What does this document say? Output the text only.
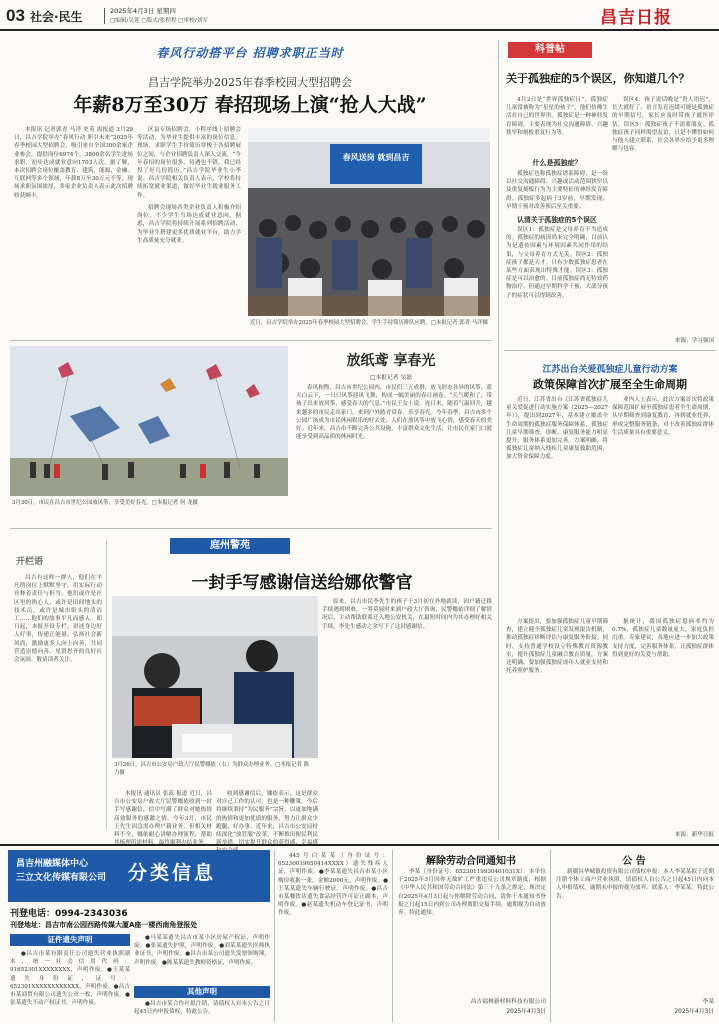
03 社会·民生	2025年4月3日 星期四
□编辑/吴莲 □版式/张程程 □审校/刘军	昌吉日报
春风行动搭平台 招聘求职正当时
昌吉学院举办2025年春季校园大型招聘会
年薪8万至30万 春招现场上演“抢人大战”

本报讯 记者郭青 马洋 史英 霞报道 3月29日，昌吉学院举办“春风行动 职引未来”2025年春季校园大型招聘会，吸引来自全国300余家企业参会，提供岗位6974个，3800余名学生进场求职，初步达成就业意向1703人次。据了解，本次招聘会岗位覆盖教育、建筑、能源、金融、互联网等多个领域，年薪8万至30万元不等，现场求职氛围浓厚，多家企业负责人表示此次招聘收获颇丰。

区县专场招聘会、小程序线上招聘会等活动，为毕业生提供丰富的岗位信息。现场，求职学生手持简历穿梭于各招聘展位之间，与企业招聘负责人深入交流。“今年春招的岗位很多，待遇也不错，我已经投了好几份简历。”昌吉学院毕业生小李说。昌吉学院相关负责人表示，学校将持续拓宽就业渠道，做好毕业生就业服务工作。

招聘会现场各类企业负责人积极介绍岗位，不少学生当场达成就业意向。据悉，昌吉学院将持续开展系列招聘活动，为毕业生搭建更多优质就业平台，助力学生高质量充分就业。

春风送岗 就到昌吉
近日，昌吉学院举办2025年春季校园大型招聘会，学生手持简历排队应聘。□本报记者 郭青·马洋摄
3月30日，市民在昌吉市世纪公园放风筝，享受美好春光。□本报记者 何 龙摄
放纸鸢 享春光
□本报记者 吴磊

春风和煦，昌吉市世纪公园内，市民们三五成群，放飞形态各异的风筝。蓝天白云下，一只只风筝迎风飞舞，构成一幅美丽的春日画卷。“天气暖和了，带孩子出来放风筝，感受春天的气息。”市民王女士说。连日来，随着气温回升，越来越多的市民走出家门，来到户外踏青赏春，乐享春光。今年春季，昌吉市多个公园广场成为市民休闲娱乐的好去处，人们在放风筝中放飞心情，感受春天的美好。近年来，昌吉市不断完善公共设施，丰富群众文化生活，让市民在家门口就能享受到高品质的休闲时光。

开栏语

昌吉有这样一群人，他们在平凡的岗位上默默坚守，用实际行动诠释着责任与担当。他们或许是社区里的热心人，或许是田间地头的技术员，或许是城市街头的清洁工……他们的故事平凡而感人。即日起，本报开设专栏，讲述身边好人好事，传递正能量，弘扬社会新风尚，激励更多人向上向善，共同营造崇德向善、见贤思齐的良好社会氛围。敬请读者关注。

庭州警苑
一封手写感谢信送给娜依警官
3月26日，昌吉市公安局户政大厅民警娜依（右）为群众办理业务。□本报记者 陈 力摄

本报讯 通讯员 张蕊 报道 近日，昌吉市公安局户政大厅民警娜依收到一封手写感谢信，信中写满了群众对她热情高效服务的感激之情。今年3月，市民王先生因急需办理户籍业务，但相关材料不全，娜依耐心讲解办理流程，帮助

收到感谢信后，娜依表示，这是群众对自己工作的认可，也是一种鞭策。今后将继续秉持“为民服务”宗旨，以更加饱满的热情和更加优质的服务，努力让群众少跑腿、好办事。近年来，昌吉市公安局持续深化“放管服”改革，不断推出便民利民

原来，昌吉市民李先生的孩子于3月初在外地就读，因户籍迁移手续遇到困难，一筹莫展时来到户政大厅咨询，民警娜依详细了解情况后，主动帮助联系迁入地公安机关，在最短时间内为其办理好相关手续。李先生感动之余写下了这封感谢信。

科普帖
关于孤独症的5个误区，你知道几个？

4月2日是“世界孤独症日”。孤独症儿童常被称为“星星的孩子”，他们仿佛生活在自己的世界里。孤独症是一种神经发育障碍，主要表现为社交沟通障碍、兴趣狭窄和刻板重复行为等。

什么是孤独症？

孤独症也称孤独症谱系障碍，是一组以社交沟通障碍、兴趣或活动范围狭窄以及重复刻板行为为主要特征的神经发育障碍。孤独症多起病于3岁前，早期发现、早期干预对改善预后至关重要。

认清关于孤独症的5个误区

误区1：孤独症是父母养育不当造成的。孤独症的病因尚未完全明确，目前认为是遗传因素与环境因素共同作用的结果，与父母养育方式无关。误区2：孤独症孩子都是天才。只有少数孤独症患者在某些方面表现出特殊才能。误区3：孤独症是可以治愈的。目前孤独症尚无特效药物治疗，但通过早期科学干预，大部分孩子的症状可以得到改善。

误区4：孩子说话晚是“贵人语迟”，长大就好了。语言发育迟缓可能是孤独症的早期信号，家长应及时带孩子就医评估。误区5：孤独症孩子不需要朋友。孤独症孩子同样渴望友谊，只是不懂得如何与他人建立联系，社会各界应给予更多理解与包容。

来源：学习强国
江苏出台关爱孤独症儿童行动方案
政策保障首次扩展至全生命周期

近日，江苏省出台《江苏省孤独症儿童关爱促进行动实施方案（2025—2027年）》，提出到2027年，基本建立覆盖全生命周期的孤独症服务保障体系，孤独症儿童早期筛查、诊断、康复服务能力明显提升，服务体系更加完善。方案明确，将孤独症儿童纳入残疾儿童康复救助范围，加大资金保障力度。

方案提出，要加强孤独症儿童早期筛查，建立健全孤独症儿童发现报告机制，推动孤独症诊断评估与康复服务衔接。同时，支持普通学校设立特殊教育资源教室，提升孤独症儿童融合教育质量。方案还明确，要加强孤独症成年人就业支持和托养照护服务。

业内人士表示，此次方案首次将政策保障范围扩展至孤独症患者全生命周期，从早期筛查到康复教育，再到就业托养，形成完整服务链条，对于改善孤独症群体生活质量具有重要意义。

据统计，我国孤独症患病率约为0.7%，孤独症儿童数量庞大，家庭负担沉重。专家建议，各地应进一步加大政策支持力度，完善服务体系，让孤独症群体得到更好的关爱与帮助。

来源：新华日报
昌吉州融媒体中心
三立文化传媒有限公司 分类信息
刊登电话：0994-2343036
刊登地址：昌吉市南公园西路传媒大厦A座一楼西南角登报处
证件遗失声明

●昌吉市某有限责任公司遗失营业执照副本，统一社会信用代码：91652301XXXXXXXX，声明作废。●王某某遗失身份证，证号：652301XXXXXXXXXXXX，声明作废。●昌吉市某商贸有限公司遗失公章一枚，声明作废。●张某遗失不动产权证书，声明作废。

●马某某遗失昌吉市某小区房屋产权证，声明作废。●张某遗失护照，声明作废。●刘某某遗失医师执业证书，声明作废。●昌吉市某公司遗失发票领购簿，声明作废。●陈某某遗失教师资格证，声明作废。

其他声明

●昌吉市某合作社拟注销，请债权人自本公告之日起45日内申报债权。特此公告。

445号白某某（身份证号：65230019650414XXXX）遗失残疾人证，声明作废。●李某某遗失昌吉市某小区购房收据一张，金额2000元，声明作废。●王某某遗失车辆行驶证，声明作废。●昌吉市某餐饮店遗失食品经营许可证正副本，声明作废。●赵某遗失机动车登记证书，声明作废。

解除劳动合同通知书

李某（身份证号：65230119930401031X）：本单位于2025年3月因你无故旷工严重违反公司规章制度，根据《中华人民共和国劳动合同法》第三十九条之规定，现决定自2025年4月3日起与你解除劳动合同，请你于本通知书登报之日起15日内到公司办理离职交接手续，逾期视为自动放弃。特此通知。

昌吉福林新材料科技有限公司
2025年4月3日
公 告

新疆昌华城镇投资有限公司债权申报：本人李某某拟于近期注销个体工商户营业执照，请债权人自公告之日起45日内向本人申报债权，逾期未申报的视为放弃。联系人：李某某。特此公告。

李某
2025年4月3日
